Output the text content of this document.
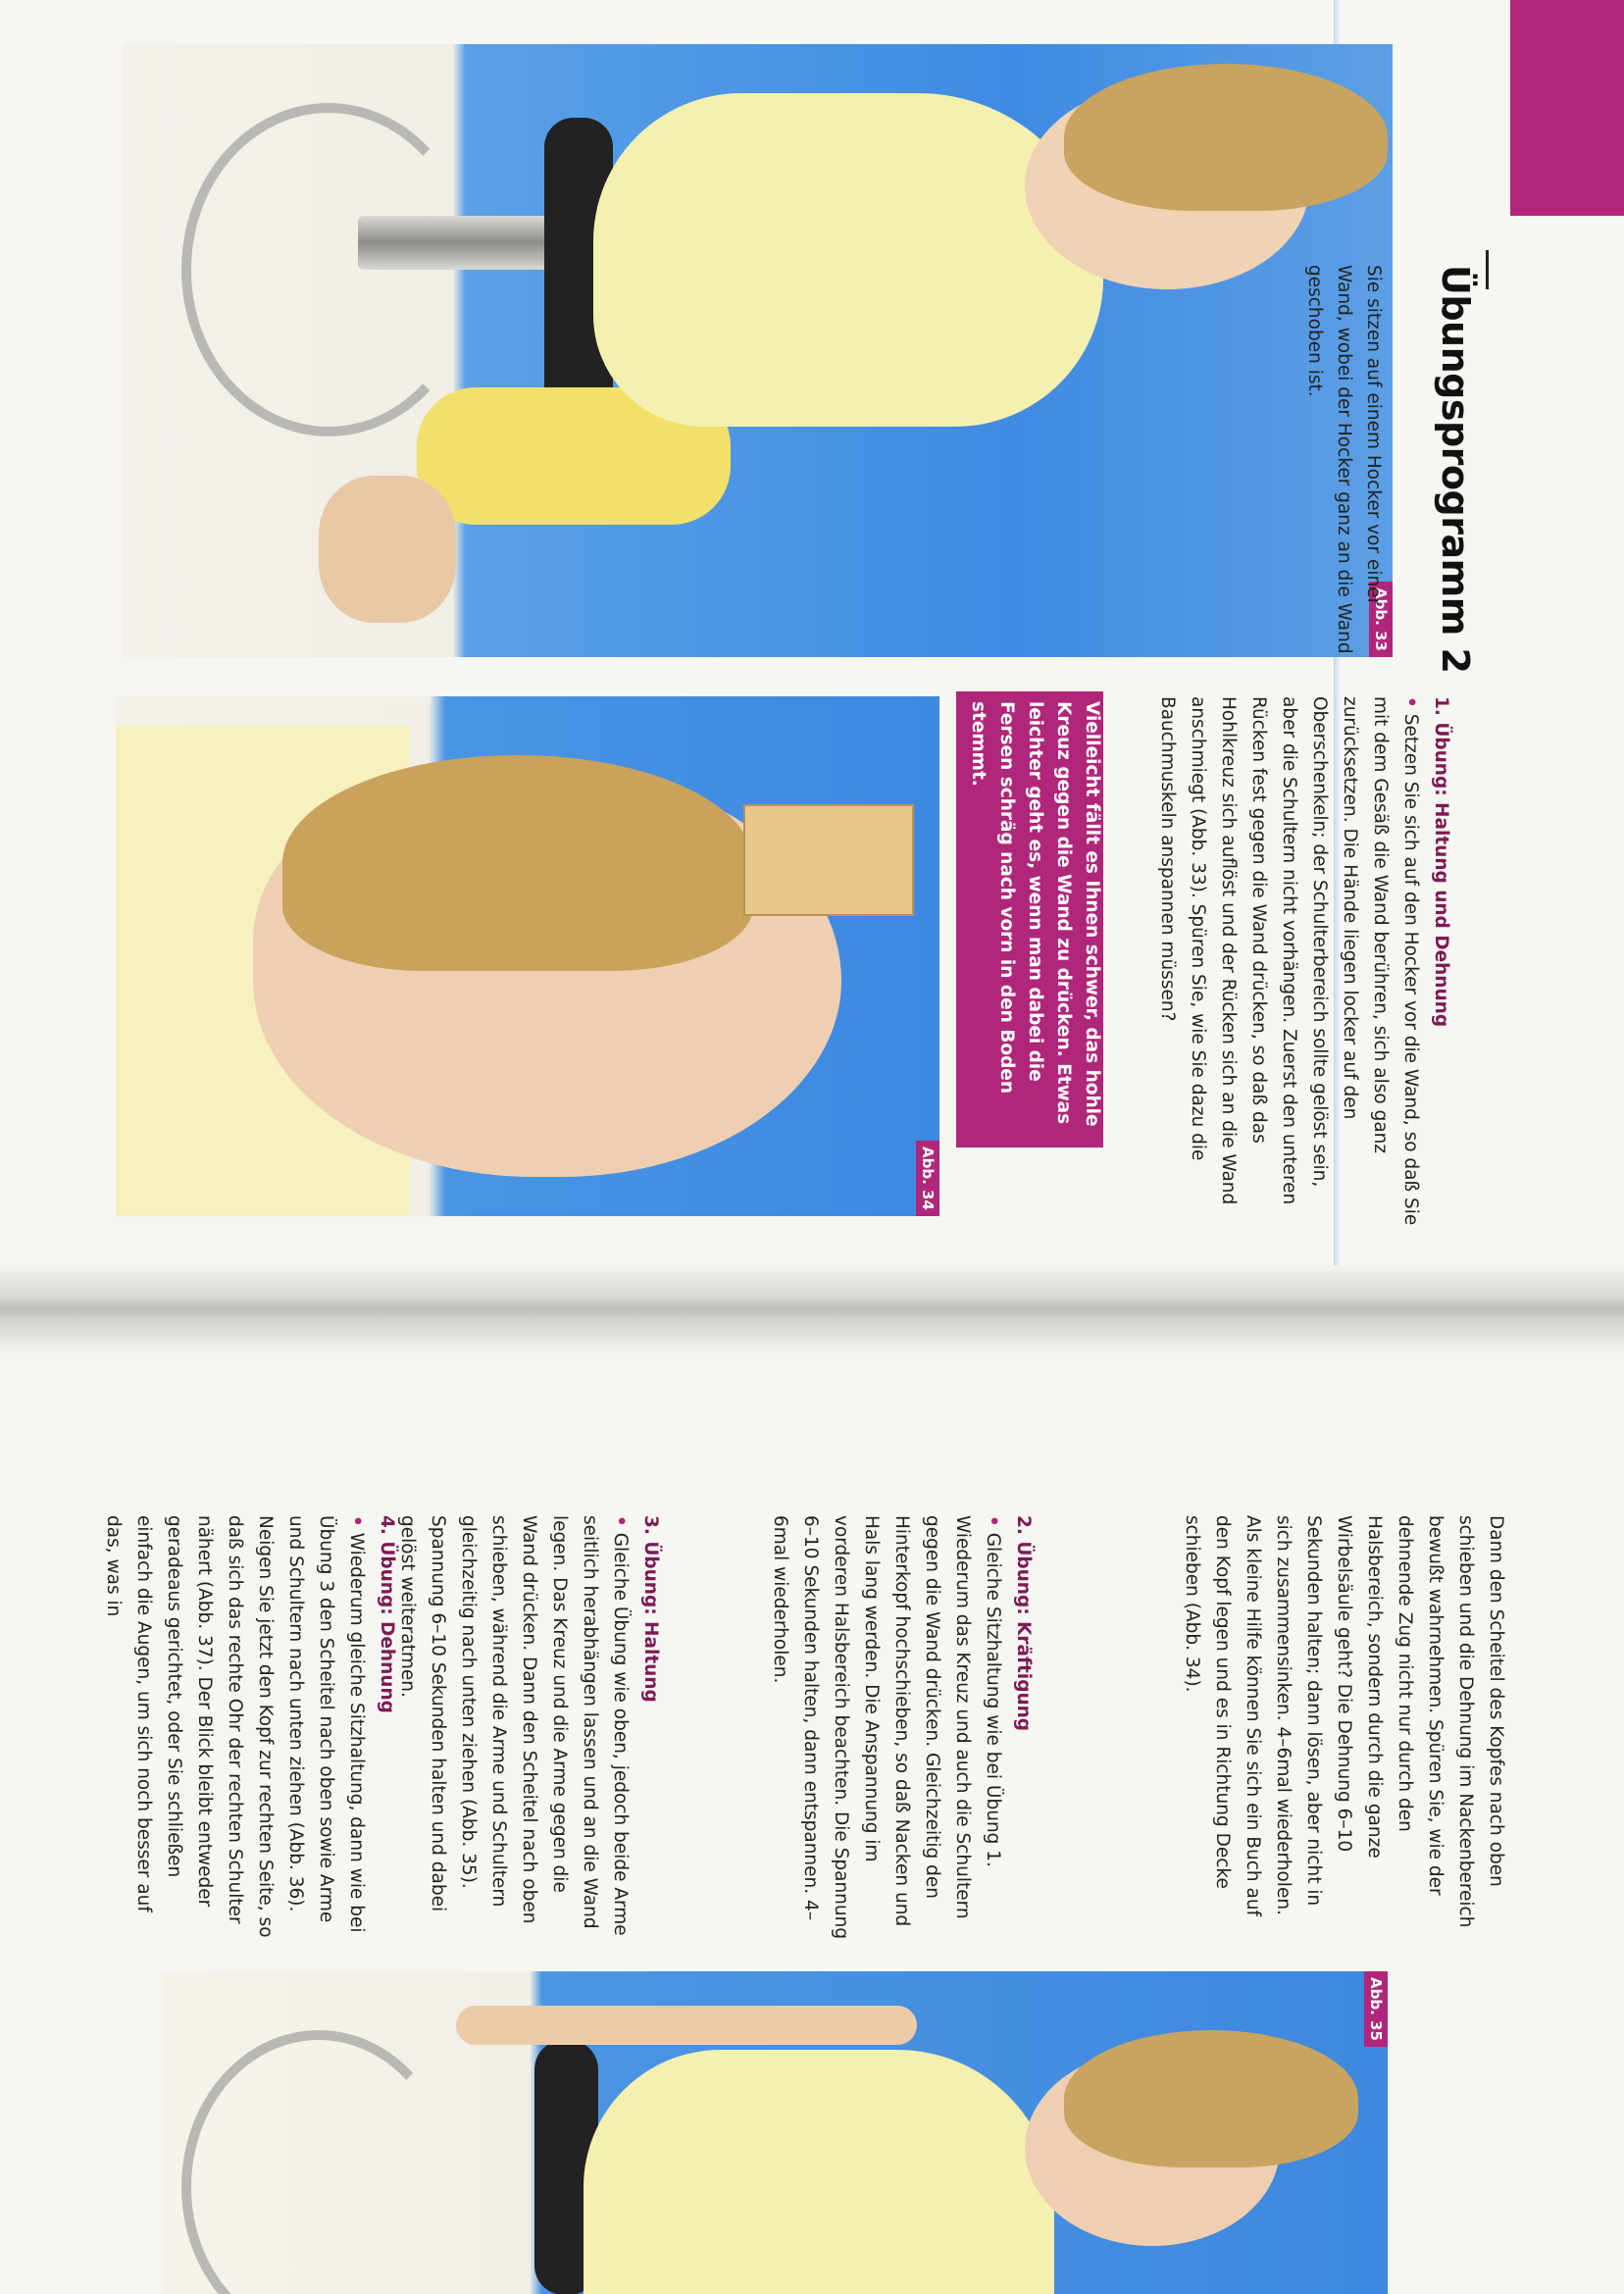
Abb. 33
Abb. 34
Abb. 35
Übungsprogramm 2
Sie sitzen auf einem Hocker vor einer Wand, wobei der Hocker ganz an die Wand geschoben ist.
1. Übung: Haltung und Dehnung
• Setzen Sie sich auf den Hocker vor die Wand, so daß Sie mit dem Gesäß die Wand berühren, sich also ganz zurücksetzen. Die Hände liegen locker auf den Oberschenkeln; der Schulterbereich sollte gelöst sein, aber die Schultern nicht vorhängen. Zuerst den unteren Rücken fest gegen die Wand drücken, so daß das Hohlkreuz sich auflöst und der Rücken sich an die Wand anschmiegt (Abb. 33). Spüren Sie, wie Sie dazu die Bauchmuskeln anspannen müssen?
Vielleicht fällt es Ihnen schwer, das hohle Kreuz gegen die Wand zu drücken. Etwas leichter geht es, wenn man dabei die Fersen schräg nach vorn in den Boden stemmt.
Dann den Scheitel des Kopfes nach oben schieben und die Dehnung im Nackenbereich bewußt wahrnehmen. Spüren Sie, wie der dehnende Zug nicht nur durch den Halsbereich, sondern durch die ganze Wirbelsäule geht? Die Dehnung 6–10 Sekunden halten; dann lösen, aber nicht in sich zusammensinken. 4–6mal wiederholen. Als kleine Hilfe können Sie sich ein Buch auf den Kopf legen und es in Richtung Decke schieben (Abb. 34).
2. Übung: Kräftigung
• Gleiche Sitzhaltung wie bei Übung 1. Wiederum das Kreuz und auch die Schultern gegen die Wand drücken. Gleichzeitig den Hinterkopf hochschieben, so daß Nacken und Hals lang werden. Die Anspannung im vorderen Halsbereich beachten. Die Spannung 6–10 Sekunden halten, dann entspannen. 4–6mal wiederholen.
3. Übung: Haltung
• Gleiche Übung wie oben, jedoch beide Arme seitlich herabhängen lassen und an die Wand legen. Das Kreuz und die Arme gegen die Wand drücken. Dann den Scheitel nach oben schieben, während die Arme und Schultern gleichzeitig nach unten ziehen (Abb. 35). Spannung 6–10 Sekunden halten und dabei gelöst weiteratmen.
4. Übung: Dehnung
• Wiederum gleiche Sitzhaltung, dann wie bei Übung 3 den Scheitel nach oben sowie Arme und Schultern nach unten ziehen (Abb. 36). Neigen Sie jetzt den Kopf zur rechten Seite, so daß sich das rechte Ohr der rechten Schulter nähert (Abb. 37). Der Blick bleibt entweder geradeaus gerichtet, oder Sie schließen einfach die Augen, um sich noch besser auf das, was in
